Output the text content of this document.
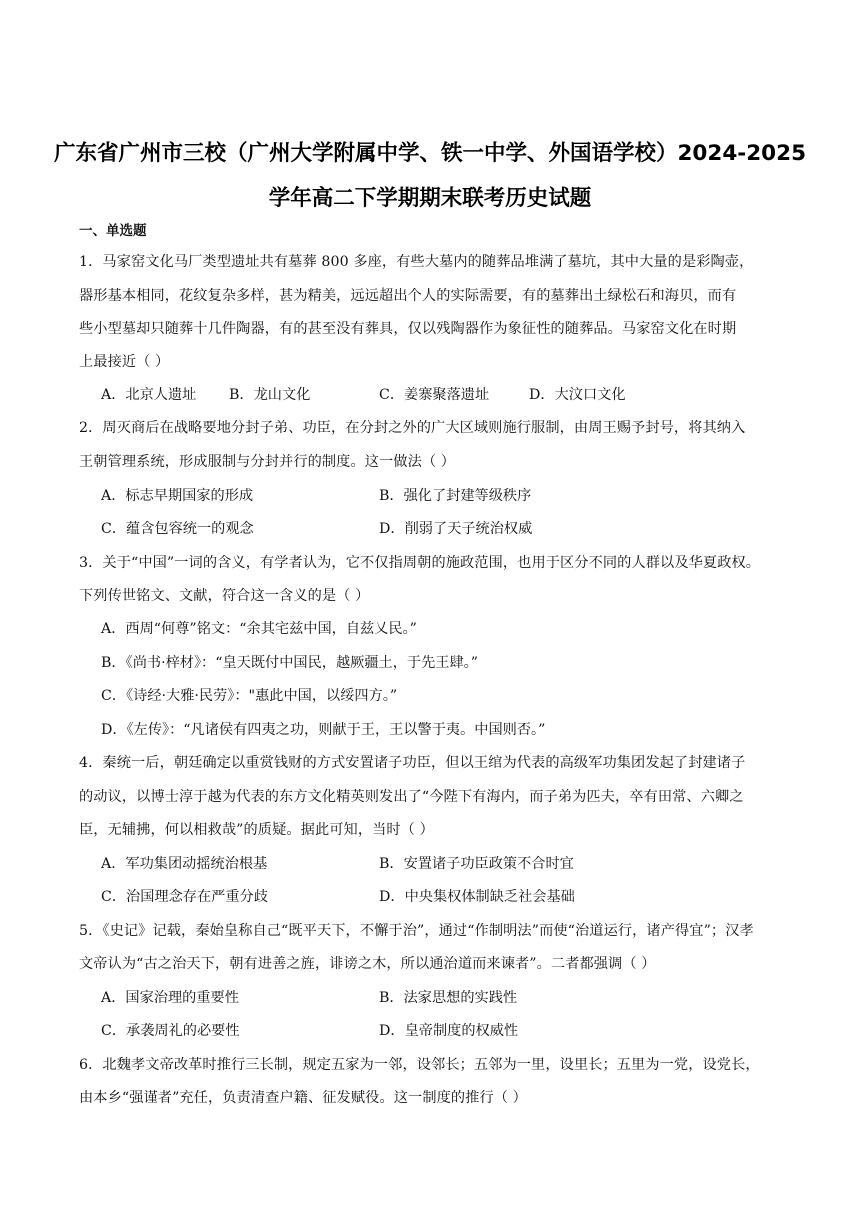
广东省广州市三校（广州大学附属中学、铁一中学、外国语学校）2024-2025
学年高二下学期期末联考历史试题
一、单选题
1．马家窑文化马厂类型遗址共有墓葬 800 多座，有些大墓内的随葬品堆满了墓坑，其中大量的是彩陶壶，
器形基本相同，花纹复杂多样，甚为精美，远远超出个人的实际需要，有的墓葬出土绿松石和海贝，而有
些小型墓却只随葬十几件陶器，有的甚至没有葬具，仅以残陶器作为象征性的随葬品。马家窑文化在时期
上最接近（ ）
A．北京人遗址 B．龙山文化	C．姜寨聚落遗址	D．大汶口文化
2．周灭商后在战略要地分封子弟、功臣，在分封之外的广大区域则施行服制，由周王赐予封号，将其纳入
王朝管理系统，形成服制与分封并行的制度。这一做法（ ）
A．标志早期国家的形成	B．强化了封建等级秩序
C．蕴含包容统一的观念	D．削弱了天子统治权威
3．关于“中国”一词的含义，有学者认为，它不仅指周朝的施政范围，也用于区分不同的人群以及华夏政权。
下列传世铭文、文献，符合这一含义的是（ ）
A．西周“何尊”铭文：“余其宅兹中国，自兹乂民。”
B．《尚书·梓材》：“皇天既付中国民，越厥疆土，于先王肆。”
C．《诗经·大雅·民劳》："惠此中国，以绥四方。”
D．《左传》：“凡诸侯有四夷之功，则献于王，王以警于夷。中国则否。”
4．秦统一后，朝廷确定以重赏钱财的方式安置诸子功臣，但以王绾为代表的高级军功集团发起了封建诸子
的动议，以博士淳于越为代表的东方文化精英则发出了“今陛下有海内，而子弟为匹夫，卒有田常、六卿之
臣，无辅拂，何以相救哉”的质疑。据此可知，当时（ ）
A．军功集团动摇统治根基	B．安置诸子功臣政策不合时宜
C．治国理念存在严重分歧	D．中央集权体制缺乏社会基础
5．《史记》记载，秦始皇称自己“既平天下，不懈于治”，通过“作制明法”而使“治道运行，诸产得宜”；汉孝
文帝认为“古之治天下，朝有进善之旌，诽谤之木，所以通治道而来谏者”。二者都强调（ ）
A．国家治理的重要性	B．法家思想的实践性
C．承袭周礼的必要性	D．皇帝制度的权威性
6．北魏孝文帝改革时推行三长制，规定五家为一邻，设邻长；五邻为一里，设里长；五里为一党，设党长，
由本乡“强谨者”充任，负责清查户籍、征发赋役。这一制度的推行（ ）
